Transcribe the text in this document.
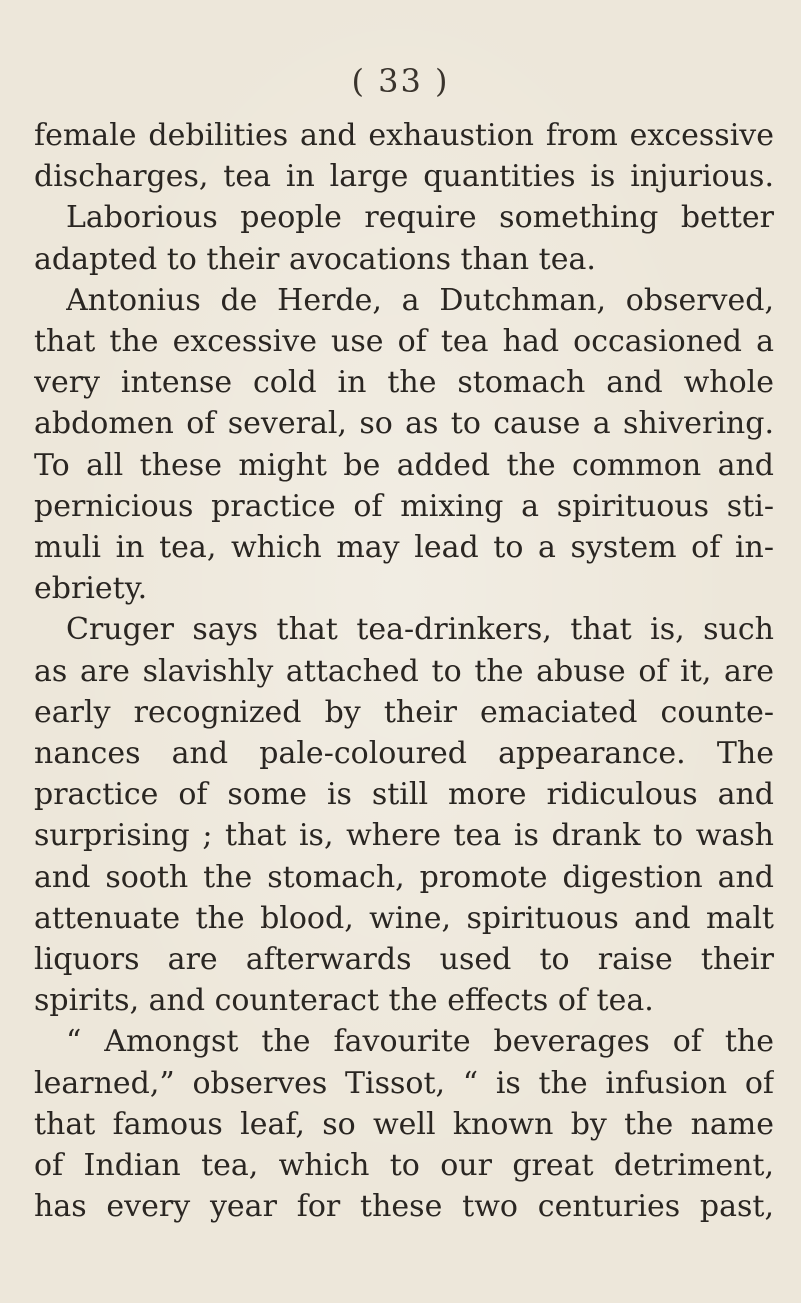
( 33 )
female debilities and exhaustion from excessive
discharges, tea in large quantities is injurious.
Laborious people require something better
adapted to their avocations than tea.
Antonius de Herde, a Dutchman, observed,
that the excessive use of tea had occasioned a
very intense cold in the stomach and whole
abdomen of several, so as to cause a shivering.
To all these might be added the common and
pernicious practice of mixing a spirituous sti-
muli in tea, which may lead to a system of in-
ebriety.
Cruger says that tea-drinkers, that is, such
as are slavishly attached to the abuse of it, are
early recognized by their emaciated counte-
nances and pale-coloured appearance. The
practice of some is still more ridiculous and
surprising ; that is, where tea is drank to wash
and sooth the stomach, promote digestion and
attenuate the blood, wine, spirituous and malt
liquors are afterwards used to raise their
spirits, and counteract the effects of tea.
“ Amongst the favourite beverages of the
learned,” observes Tissot, “ is the infusion of
that famous leaf, so well known by the name
of Indian tea, which to our great detriment,
has every year for these two centuries past,
